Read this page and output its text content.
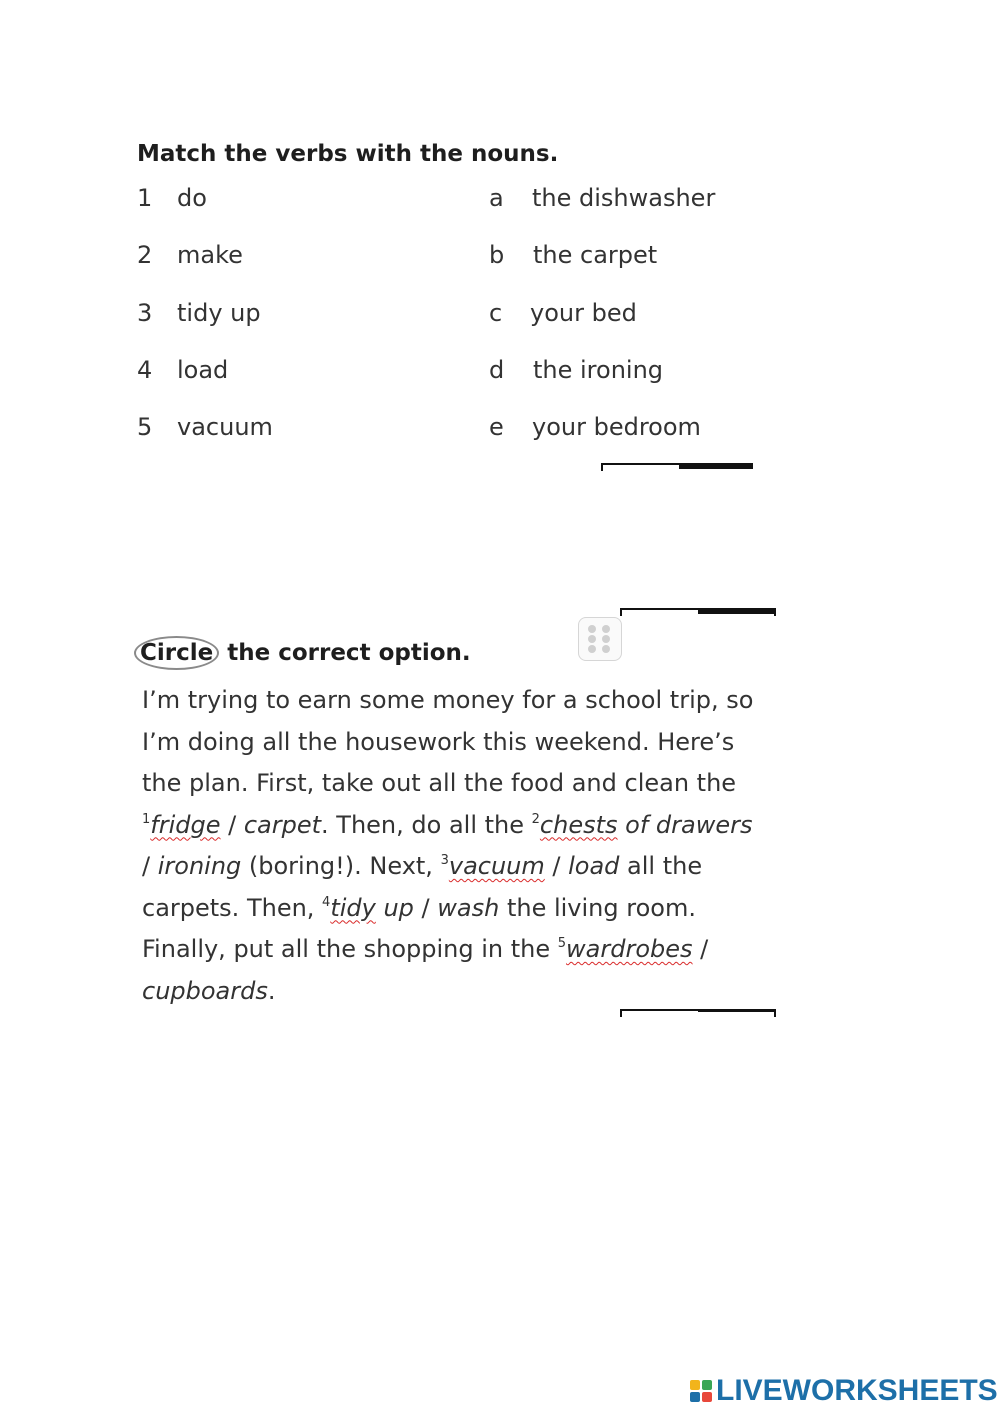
Match the verbs with the nouns.
1 do
2 make
3 tidy up
4 load
5 vacuum
a the dishwasher
b the carpet
c your bed
d the ironing
e your bedroom
Circle the correct option.
I’m trying to earn some money for a school trip, so
I’m doing all the housework this weekend. Here’s
the plan. First, take out all the food and clean the
$^1$fridge / carpet. Then, do all the $^2$chests of drawers
/ ironing (boring!). Next, $^3$vacuum / load all the
carpets. Then, $^4$tidy up / wash the living room.
Finally, put all the shopping in the $^5$wardrobes /
cupboards.
LIVEWORKSHEETS
